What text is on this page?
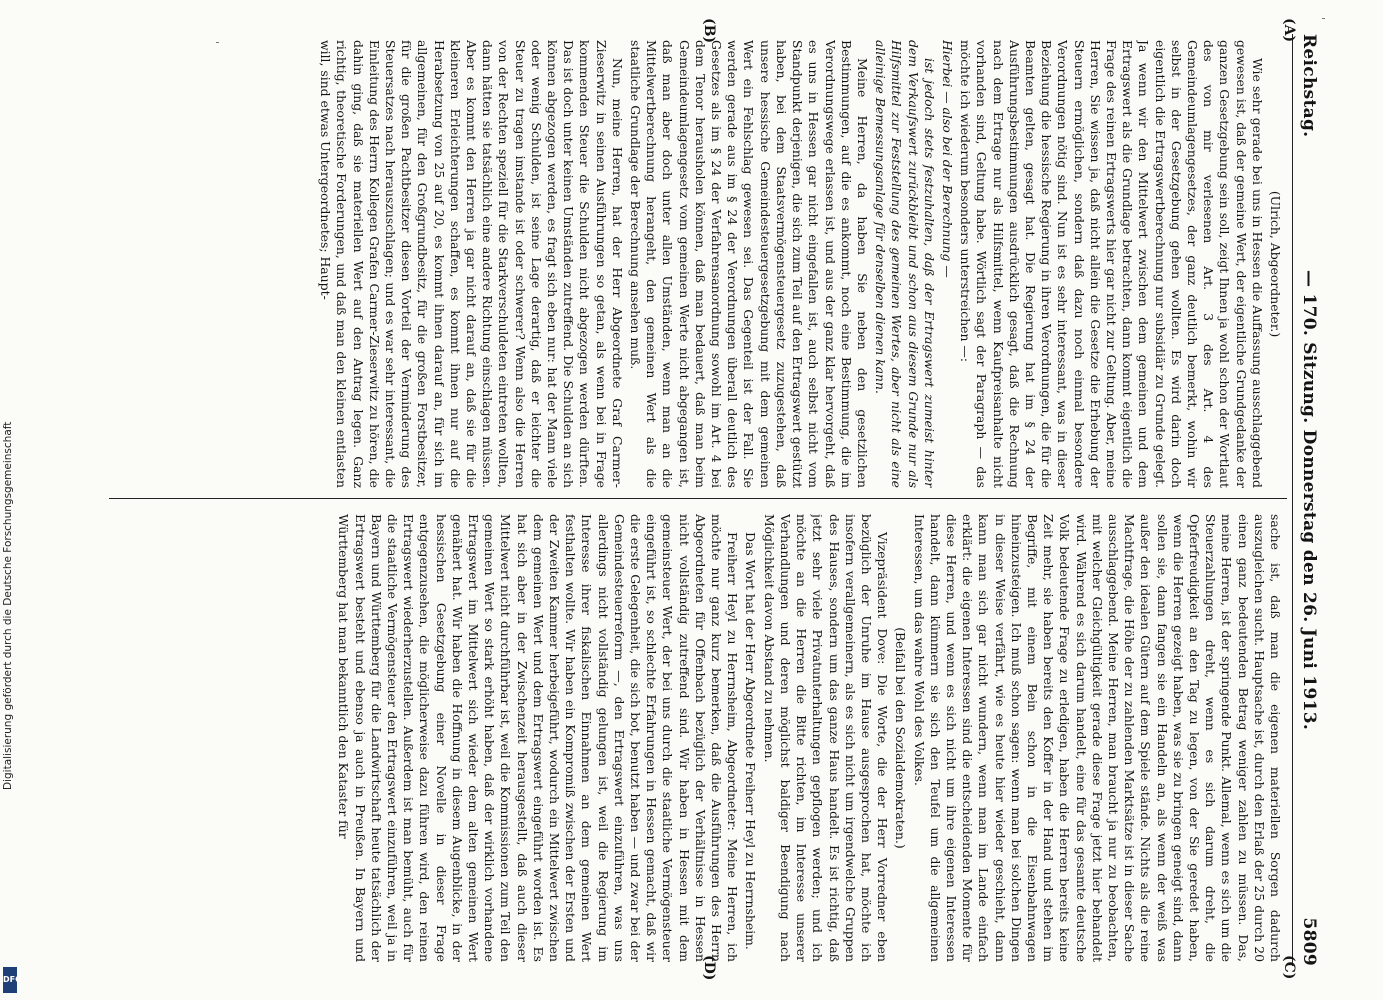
Reichstag.
— 170. Sitzung. Donnerstag den 26. Juni 1913.
5809
(A)
(B)
(C)
(D)

(Ulrich, Abgeordneter.)

Wie sehr gerade bei uns in Hessen die Auffassung ausschlaggebend gewesen ist, daß der gemeine Wert, der eigentliche Grundgedanke der ganzen Gesetzgebung sein soll, zeigt Ihnen ja wohl schon der Wortlaut des von mir verlesenen Art. 3 des Art. 4 des Gemeindeumlagengesetzes, der ganz deutlich bemerkt, wohin wir selbst in der Gesetzgebung gehen wollten. Es wird darin doch eigentlich die Ertragswertberechnung nur subsidiär zu Grunde gelegt. Ja wenn wir den Mittelwert zwischen dem gemeinen und dem Ertragswert als die Grundlage betrachten, dann kommt eigentlich die Frage des reinen Ertragswerts hier gar nicht zur Geltung. Aber, meine Herren, Sie wissen ja, daß nicht allein die Gesetze die Erhebung der Steuern ermöglichen, sondern daß dazu noch einmal besondere Verordnungen nötig sind. Nun ist es sehr interessant, was in dieser Beziehung die hessische Regierung in ihren Verordnungen, die für die Beamten gelten, gesagt hat. Die Regierung hat im § 24 der Ausführungsbestimmungen ausdrücklich gesagt, daß die Rechnung nach dem Ertrage nur als Hilfsmittel, wenn Kaufpreisanhalte nicht vorhanden sind, Geltung habe. Wörtlich sagt der Paragraph — das möchte ich wiederum besonders unterstreichen —:

Hierbei — also bei der Berechnung —

ist jedoch stets festzuhalten, daß der Ertragswert zumeist hinter dem Verkaufswert zurückbleibt und schon aus diesem Grunde nur als Hilfsmittel zur Feststellung des gemeinen Wertes, aber nicht als eine alleinige Bemessungsanlage für denselben dienen kann.

Meine Herren, da haben Sie neben den gesetzlichen Bestimmungen, auf die es ankommt, noch eine Bestimmung, die im Verordnungswege erlassen ist, und aus der ganz klar hervorgeht, daß es uns in Hessen gar nicht eingefallen ist, auch selbst nicht vom Standpunkt derjenigen, die sich zum Teil auf den Ertragswert gestützt haben, bei dem Staatsvermögensteuergesetz zuzugestehen, daß unsere hessische Gemeindesteuergesetzgebung mit dem gemeinen Wert ein Fehlschlag gewesen sei. Das Gegenteil ist der Fall. Sie werden gerade aus im § 24 der Verordnungen überall deutlich des Gesetzes als im § 24 der Verfahrensanordnung sowohl im Art. 4 bei dem Tenor herausholen können, daß man bedauert, daß man beim Gemeindeumlagengesetz vom gemeinen Werte nicht abgegangen ist, daß man aber doch unter allen Umständen, wenn man an die Mittelwertberechnung herangeht, den gemeinen Wert als die staatliche Grundlage der Berechnung ansehen muß.

Nun, meine Herren, hat der Herr Abgeordnete Graf Carmer-Zieserwitz in seinen Ausführungen so getan, als wenn bei in Frage kommenden Steuer die Schulden nicht abgezogen werden dürften. Das ist doch unter keinen Umständen zutreffend. Die Schulden an sich können abgezogen werden, es fragt sich eben nur: hat der Mann viele oder wenig Schulden, ist seine Lage derartig, daß er leichter die Steuer zu tragen imstande ist oder schwerer? Wenn also die Herren von der Rechten speziell für die Starkverschuldeten eintreten wollten, dann hätten sie tatsächlich eine andere Richtung einschlagen müssen. Aber es kommt den Herren ja gar nicht darauf an, daß sie für die kleineren Erleichterungen schaffen, es kommt ihnen nur auf die Herabsetzung von 25 auf 20, es kommt ihnen darauf an, für sich im allgemeinen, für den Großgrundbesitz, für die großen Forstbesitzer, für die großen Pachtbesitzer diesen Vorteil der Verminderung des Steuersatzes nach herauszuschlagen; und es war sehr interessant, die Einleitung des Herrn Kollegen Grafen Carmer-Zieserwitz zu hören, die dahin ging, daß sie materiellen Wert auf den Antrag legen. Ganz richtig, theoretische Forderungen, und daß man den kleinen entlasten will, sind etwas Untergeordnetes; Haupt-

sache ist, daß man die eigenen materiellen Sorgen dadurch auszugleichen sucht. Hauptsache ist, durch den Erlaß der 25 durch 20 einen ganz bedeutenden Betrag weniger zahlen zu müssen. Das, meine Herren, ist der springende Punkt. Allemal, wenn es sich um die Steuerzahlungen dreht, wenn es sich darum dreht, die Opferfreudigkeit an den Tag zu legen, von der Sie geredet haben, wenn die Herren gezeigt haben, was sie zu bringen geneigt sind, dann sollen sie, dann fangen sie ein Handeln an, als wenn der weiß was außer den idealen Gütern auf dem Spiele stände. Nichts als die reine Machtfrage, die Höhe der zu zahlenden Marktsätze ist in dieser Sache ausschlaggebend. Meine Herren, man braucht ja nur zu beobachten, mit welcher Gleichgültigkeit gerade diese Frage jetzt hier behandelt wird. Während es sich darum handelt, eine für das gesamte deutsche Volk bedeutende Frage zu erledigen, haben die Herren bereits keine Zeit mehr, sie haben bereits den Koffer in der Hand und stehen im Begriffe, mit einem Bein schon in die Eisenbahnwagen hineinzusteigen. Ich muß schon sagen: wenn man bei solchen Dingen in dieser Weise verfährt, wie es heute hier wieder geschieht, dann kann man sich gar nicht wundern, wenn man im Lande einfach erklärt: die eigenen Interessen sind die entscheidenden Momente für diese Herren, und wenn es sich nicht um ihre eigenen Interessen handelt, dann kümmern sie sich den Teufel um die allgemeinen Interessen, um das wahre Wohl des Volkes.

(Beifall bei den Sozialdemokraten.)

Vizepräsident Dove: Die Worte, die der Herr Vorredner eben bezüglich der Unruhe im Hause ausgesprochen hat, möchte ich insofern verallgemeinern, als es sich nicht um irgendwelche Gruppen des Hauses, sondern um das ganze Haus handelt. Es ist richtig, daß jetzt sehr viele Privatunterhaltungen gepflogen werden; und ich möchte an die Herren die Bitte richten, im Interesse unserer Verhandlungen und deren möglichst baldiger Beendigung nach Möglichkeit davon Abstand zu nehmen.

Das Wort hat der Herr Abgeordnete Freiherr Heyl zu Herrnsheim.

Freiherr Heyl zu Herrnsheim, Abgeordneter: Meine Herren, ich möchte nur ganz kurz bemerken, daß die Ausführungen des Herrn Abgeordneten für Offenbach bezüglich der Verhältnisse in Hessen nicht vollständig zutreffend sind. Wir haben in Hessen mit dem gemeinsteuer Wert, der bei uns durch die staatliche Vermögensteuer eingeführt ist, so schlechte Erfahrungen in Hessen gemacht, daß wir die erste Gelegenheit, die sich bot, benutzt haben — und zwar bei der Gemeindesteuerreform —, den Ertragswert einzuführen, was uns allerdings nicht vollständig gelungen ist, weil die Regierung im Interesse ihrer fiskalischen Einnahmen an dem gemeinen Wert festhalten wollte. Wir haben ein Kompromiß zwischen der Ersten und der Zweiten Kammer herbeigeführt, wodurch ein Mittelwert zwischen dem gemeinen Wert und dem Ertragswert eingeführt worden ist. Es hat sich aber in der Zwischenzeit herausgestellt, daß auch dieser Mittelwert nicht durchführbar ist, weil die Kommissionen zum Teil den gemeinen Wert so stark erhöht haben, daß der wirklich vorhandene Ertragswert im Mittelwert sich wieder dem alten gemeinen Wert genähert hat. Wir haben die Hoffnung in diesem Augenblicke, in der hessischen Gesetzgebung einer Novelle in dieser Frage entgegenzusehen, die möglicherweise dazu führen wird, den reinen Ertragswert wiederherzustellen. Außerdem ist man bemüht, auch für die staatliche Vermögensteuer den Ertragswert einzuführen, weil ja in Bayern und Württemberg für die Landwirtschaft heute tatsächlich der Ertragswert besteht und ebenso ja auch in Preußen. In Bayern und Württemberg hat man bekanntlich den Kataster für

Digitalisierung gefördert durch die Deutsche Forschungsgemeinschaft
DFG
